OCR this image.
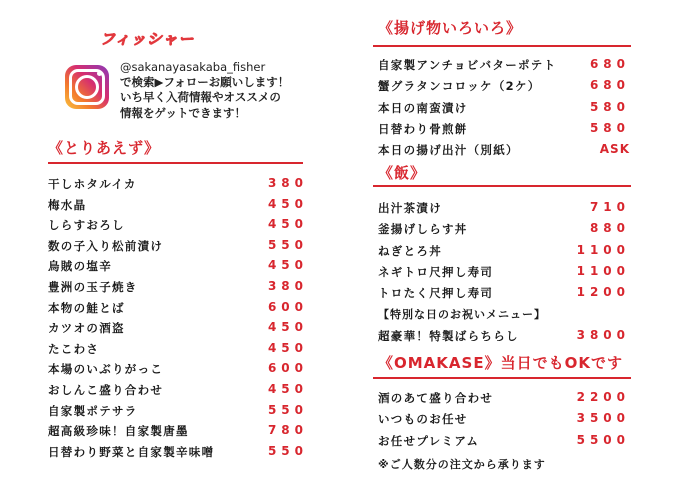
フィッシャー
@sakanayasakaba_fisher
で検索▶フォローお願いします！
いち早く入荷情報やオススメの
情報をゲットできます！
《とりあえず》
干しホタルイカ	380
梅水晶	450
しらすおろし	450
数の子入り松前漬け	550
烏賊の塩辛	450
豊洲の玉子焼き	380
本物の鮭とば	600
カツオの酒盗	450
たこわさ	450
本場のいぶりがっこ	600
おしんこ盛り合わせ	450
自家製ポテサラ	550
超高級珍味！自家製唐墨	780
日替わり野菜と自家製辛味噌	550
《揚げ物いろいろ》
自家製アンチョビバターポテト	680
蟹グラタンコロッケ（2ケ）	680
本日の南蛮漬け	580
日替わり骨煎餅	580
本日の揚げ出汁（別紙）	ASK
《飯》
出汁茶漬け	710
釜揚げしらす丼	880
ねぎとろ丼	1100
ネギトロ尺押し寿司	1100
トロたく尺押し寿司	1200
【特別な日のお祝いメニュー】
超豪華！特製ばらちらし	3800
《OMAKASE》当日でもOKです
酒のあて盛り合わせ	2200
いつものお任せ	3500
お任せプレミアム	5500
※ご人数分の注文から承ります
